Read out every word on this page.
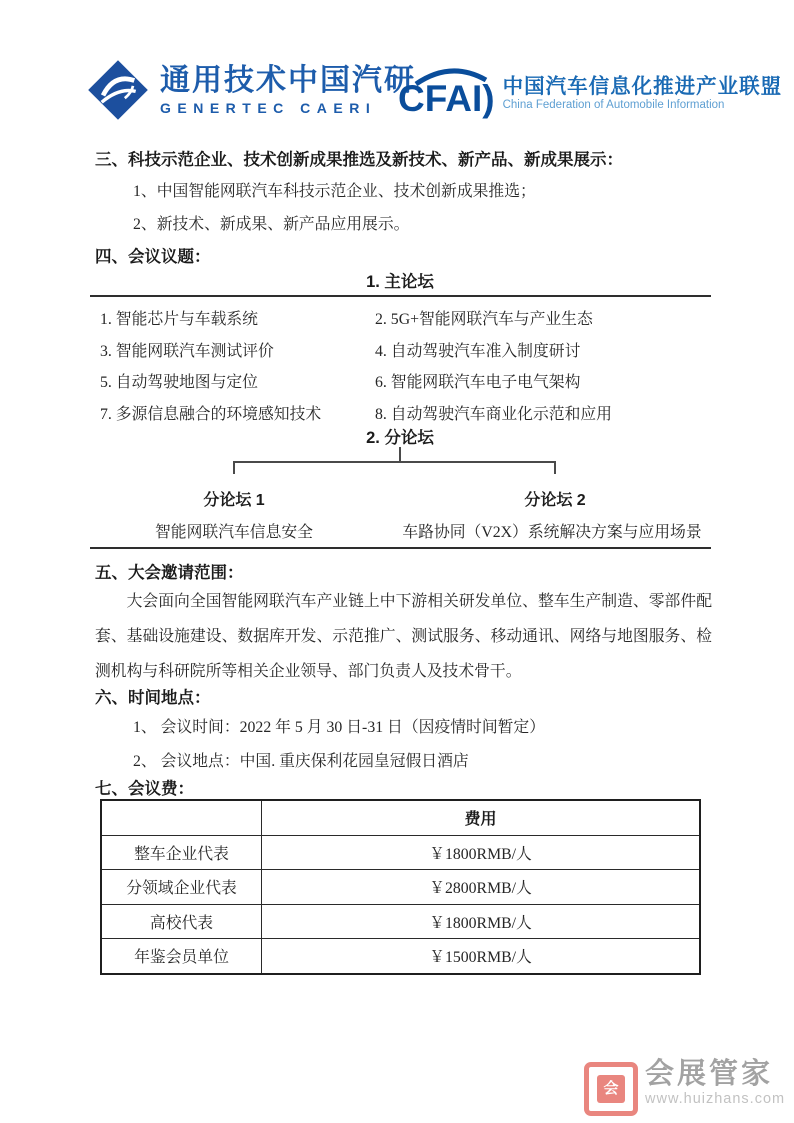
通用技术中国汽研
GENERTEC CAERI CFAI) 中国汽车信息化推进产业联盟
China Federation of Automobile Information
三、科技示范企业、技术创新成果推选及新技术、新产品、新成果展示：
1、中国智能网联汽车科技示范企业、技术创新成果推选；
2、新技术、新成果、新产品应用展示。
四、会议议题：
1. 主论坛
1. 智能芯片与车载系统	2. 5G+智能网联汽车与产业生态
3. 智能网联汽车测试评价	4. 自动驾驶汽车准入制度研讨
5. 自动驾驶地图与定位	6. 智能网联汽车电子电气架构
7. 多源信息融合的环境感知技术	8. 自动驾驶汽车商业化示范和应用
2. 分论坛
分论坛 1	分论坛 2
智能网联汽车信息安全	车路协同（V2X）系统解决方案与应用场景
五、大会邀请范围：
大会面向全国智能网联汽车产业链上中下游相关研发单位、整车生产制造、零部件配套、基础设施建设、数据库开发、示范推广、测试服务、移动通讯、网络与地图服务、检测机构与科研院所等相关企业领导、部门负责人及技术骨干。
六、时间地点：
1、 会议时间：2022 年 5 月 30 日-31 日（因疫情时间暂定）
2、 会议地点：中国. 重庆保利花园皇冠假日酒店
七、会议费：
	费用
整车企业代表	￥1800RMB/人
分领域企业代表	￥2800RMB/人
高校代表	￥1800RMB/人
年鉴会员单位	￥1500RMB/人
会 会展管家
www.huizhans.com
